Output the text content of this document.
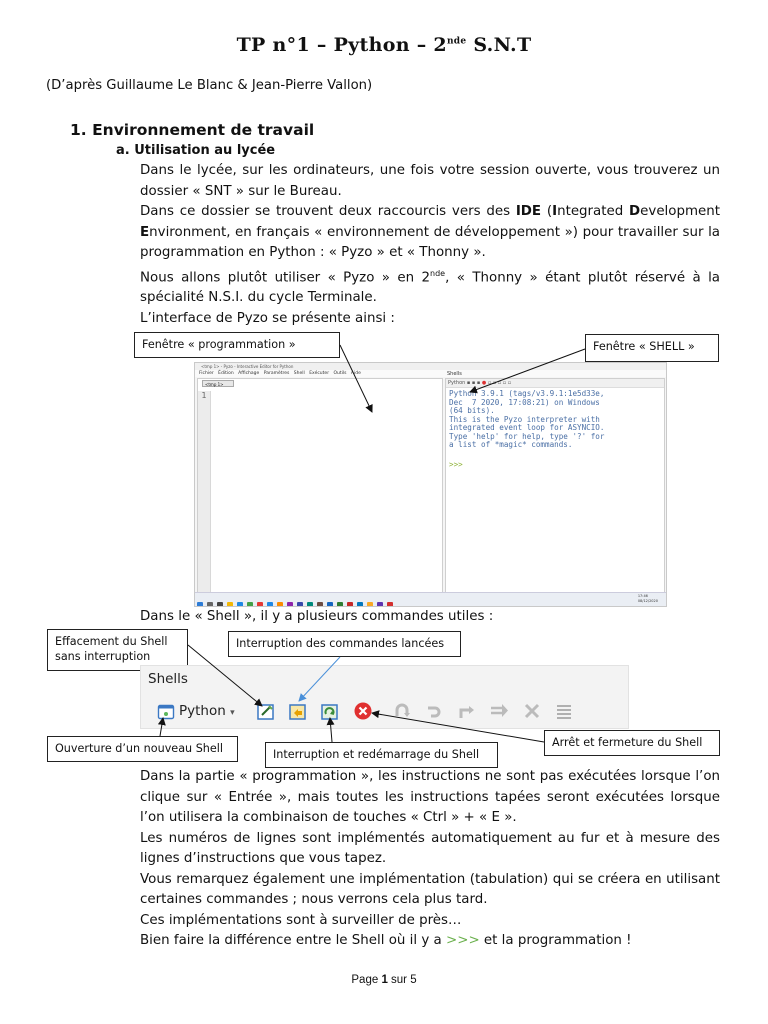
TP n°1 – Python – 2nde S.N.T
(D’après Guillaume Le Blanc & Jean-Pierre Vallon)
1. Environnement de travail
a. Utilisation au lycée
Dans le lycée, sur les ordinateurs, une fois votre session ouverte, vous trouverez un dossier « SNT » sur le Bureau.
Dans ce dossier se trouvent deux raccourcis vers des IDE (Integrated Development Environment, en français « environnement de développement ») pour travailler sur la programmation en Python : « Pyzo » et « Thonny ».
Nous allons plutôt utiliser « Pyzo » en 2nde, « Thonny » étant plutôt réservé à la spécialité N.S.I. du cycle Terminale.
L’interface de Pyzo se présente ainsi :
Fenêtre « programmation »	Fenêtre « SHELL »
<tmp 1> - Pyzo - Interactive Editor for Python
Fichier Édition Affichage Paramètres Shell Exécuter Outils Aide
<tmp 1>
1
Shells
Python ▪ ▪ ▪ ● ▫ ▫ ▫ ▫ ▫
Python 3.9.1 (tags/v3.9.1:1e5d33e,
Dec  7 2020, 17:08:21) on Windows
(64 bits).
This is the Pyzo interpreter with
integrated event loop for ASYNCIO.
Type 'help' for help, type '?' for
a list of *magic* commands.
>>>
17:46
08/12/2020
Dans le « Shell », il y a plusieurs commandes utiles :
Effacement du Shell sans interruption
Interruption des commandes lancées
Ouverture d’un nouveau Shell	Interruption et redémarrage du Shell
Arrêt et fermeture du Shell
Shells
Python ▾
Dans la partie « programmation », les instructions ne sont pas exécutées lorsque l’on clique sur « Entrée », mais toutes les instructions tapées seront exécutées lorsque l’on utilisera la combinaison de touches « Ctrl » + « E ».
Les numéros de lignes sont implémentés automatiquement au fur et à mesure des lignes d’instructions que vous tapez.
Vous remarquez également une implémentation (tabulation) qui se créera en utilisant certaines commandes ; nous verrons cela plus tard.
Ces implémentations sont à surveiller de près…
Bien faire la différence entre le Shell où il y a >>> et la programmation !
Page 1 sur 5
